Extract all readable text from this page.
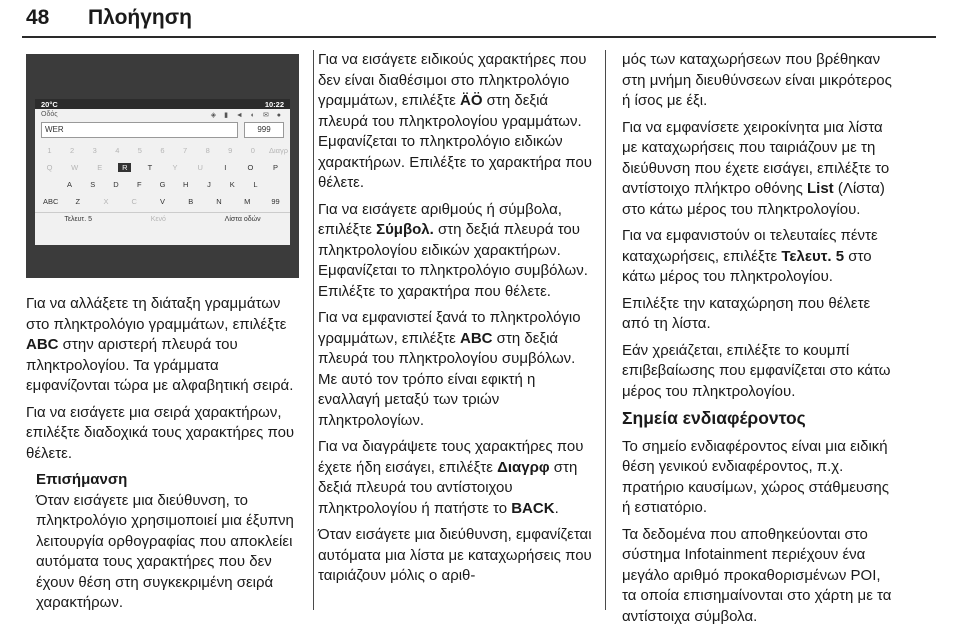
48 Πλοήγηση
20°C	10:22
Οδός	◈ ▮ ◄ ◐ ✉ ●
WER	999
1	2	3	4	5	6	7	8	9	0	Διαγρ
Q	W	E	R	T	Y	U	I	O	P
A	S	D	F	G	H	J	K	L
ABC	Z	X	C	V	B	N	M	99
Τελευτ. 5	Κενό	Λίστα οδών

Για να αλλάξετε τη διάταξη γραμμάτων στο πληκτρολόγιο γραμμάτων, επιλέξτε ABC στην αριστερή πλευρά του πληκτρολογίου. Τα γράμματα εμφανίζονται τώρα με αλφαβητική σειρά.

Για να εισάγετε μια σειρά χαρακτήρων, επιλέξτε διαδοχικά τους χαρακτήρες που θέλετε.

Επισήμανση
Όταν εισάγετε μια διεύθυνση, το πληκτρολόγιο χρησιμοποιεί μια έξυπνη λειτουργία ορθογραφίας που αποκλείει αυτόματα τους χαρακτήρες που δεν έχουν θέση στη συγκεκριμένη σειρά χαρακτήρων.

Για να εισάγετε ειδικούς χαρακτήρες που δεν είναι διαθέσιμοι στο πληκτρολόγιο γραμμάτων, επιλέξτε ÄÖ στη δεξιά πλευρά του πληκτρολογίου γραμμάτων. Εμφανίζεται το πληκτρολόγιο ειδικών χαρακτήρων. Επιλέξτε το χαρακτήρα που θέλετε.

Για να εισάγετε αριθμούς ή σύμβολα, επιλέξτε Σύμβολ. στη δεξιά πλευρά του πληκτρολογίου ειδικών χαρακτήρων. Εμφανίζεται το πληκτρολόγιο συμβόλων. Επιλέξτε το χαρακτήρα που θέλετε.

Για να εμφανιστεί ξανά το πληκτρολόγιο γραμμάτων, επιλέξτε ABC στη δεξιά πλευρά του πληκτρολογίου συμβόλων. Με αυτό τον τρόπο είναι εφικτή η εναλλαγή μεταξύ των τριών πληκτρολογίων.

Για να διαγράψετε τους χαρακτήρες που έχετε ήδη εισάγει, επιλέξτε Διαγρφ στη δεξιά πλευρά του αντίστοιχου πληκτρολογίου ή πατήστε το BACK.

Όταν εισάγετε μια διεύθυνση, εμφανίζεται αυτόματα μια λίστα με καταχωρήσεις που ταιριάζουν μόλις ο αριθ-

μός των καταχωρήσεων που βρέθηκαν στη μνήμη διευθύνσεων είναι μικρότερος ή ίσος με έξι.

Για να εμφανίσετε χειροκίνητα μια λίστα με καταχωρήσεις που ταιριάζουν με τη διεύθυνση που έχετε εισάγει, επιλέξτε το αντίστοιχο πλήκτρο οθόνης List (Λίστα) στο κάτω μέρος του πληκτρολογίου.

Για να εμφανιστούν οι τελευταίες πέντε καταχωρήσεις, επιλέξτε Τελευτ. 5 στο κάτω μέρος του πληκτρολογίου.

Επιλέξτε την καταχώρηση που θέλετε από τη λίστα.

Εάν χρειάζεται, επιλέξτε το κουμπί επιβεβαίωσης που εμφανίζεται στο κάτω μέρος του πληκτρολογίου.

Σημεία ενδιαφέροντος

Το σημείο ενδιαφέροντος είναι μια ειδική θέση γενικού ενδιαφέροντος, π.χ. πρατήριο καυσίμων, χώρος στάθμευσης ή εστιατόριο.

Τα δεδομένα που αποθηκεύονται στο σύστημα Infotainment περιέχουν ένα μεγάλο αριθμό προκαθορισμένων POI, τα οποία επισημαίνονται στο χάρτη με τα αντίστοιχα σύμβολα.
